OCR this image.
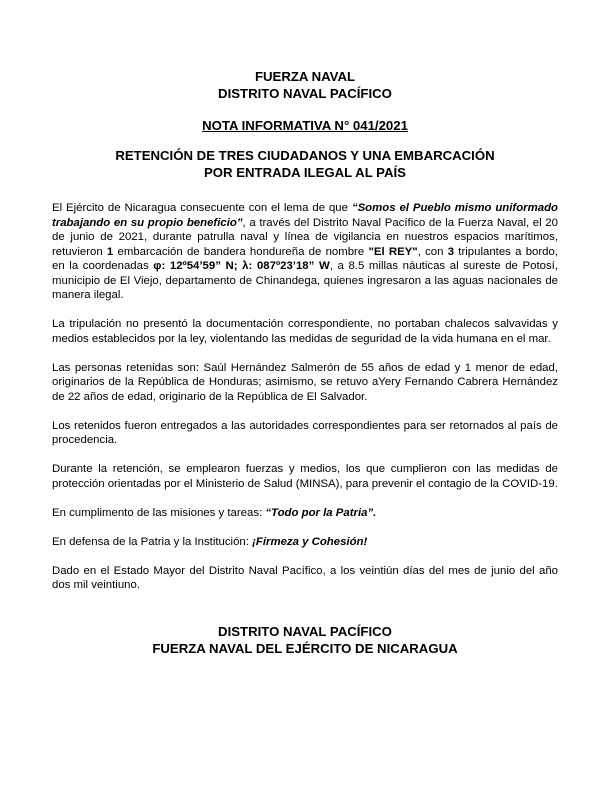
FUERZA NAVAL

DISTRITO NAVAL PACÍFICO

NOTA INFORMATIVA N° 041/2021

RETENCIÓN DE TRES CIUDADANOS Y UNA EMBARCACIÓN

POR ENTRADA ILEGAL AL PAÍS

El Ejército de Nicaragua consecuente con el lema de que “Somos el Pueblo mismo uniformado trabajando en su propio beneficio”, a través del Distrito Naval Pacífico de la Fuerza Naval, el 20 de junio de 2021, durante patrulla naval y línea de vigilancia en nuestros espacios marítimos, retuvieron 1 embarcación de bandera hondureña de nombre "El REY", con 3 tripulantes a bordo, en la coordenadas φ: 12º54’59” N; λ: 087º23’18” W, a 8.5 millas náuticas al sureste de Potosí, municipio de El Viejo, departamento de Chinandega, quienes ingresaron a las aguas nacionales de manera ilegal.

La tripulación no presentó la documentación correspondiente, no portaban chalecos salvavidas y medios establecidos por la ley, violentando las medidas de seguridad de la vida humana en el mar.

Las personas retenidas son: Saúl Hernández Salmerón de 55 años de edad y 1 menor de edad, originarios de la República de Honduras; asimismo, se retuvo aYery Fernando Cabrera Hernández de 22 años de edad, originario de la República de El Salvador.

Los retenidos fueron entregados a las autoridades correspondientes para ser retornados al país de procedencia.

Durante la retención, se emplearon fuerzas y medios, los que cumplieron con las medidas de protección orientadas por el Ministerio de Salud (MINSA), para prevenir el contagio de la COVID-19.

En cumplimento de las misiones y tareas: “Todo por la Patria”.

En defensa de la Patria y la Institución: ¡Firmeza y Cohesión!

Dado en el Estado Mayor del Distrito Naval Pacífico, a los veintiún días del mes de junio del año dos mil veintiuno.

DISTRITO NAVAL PACÍFICO

FUERZA NAVAL DEL EJÉRCITO DE NICARAGUA
